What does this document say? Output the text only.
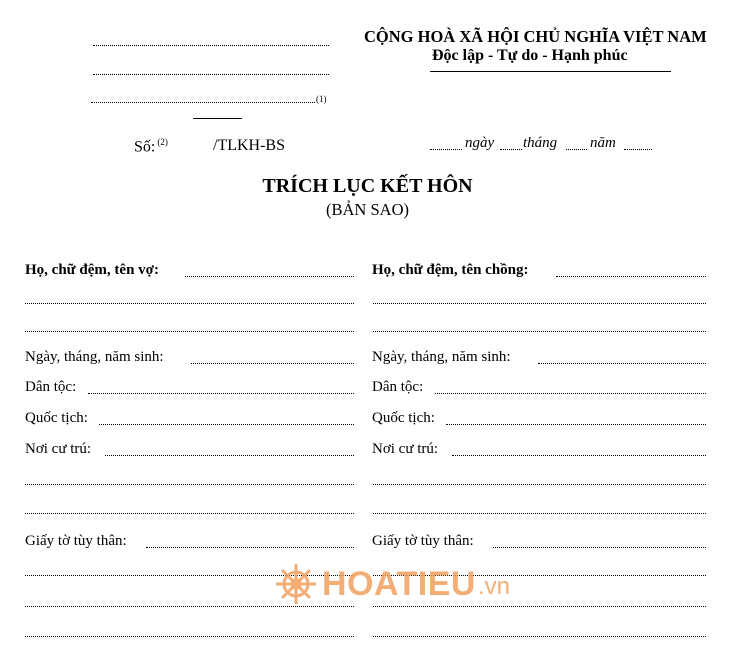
(1)
CỘNG HOÀ XÃ HỘI CHỦ NGHĨA VIỆT NAM
Độc lập - Tự do - Hạnh phúc
Số: $^{(2)}$	/TLKH-BS	ngày tháng năm
TRÍCH LỤC KẾT HÔN
(BẢN SAO)
Họ, chữ đệm, tên vợ:
Ngày, tháng, năm sinh:
Dân tộc:
Quốc tịch:
Nơi cư trú:
Giấy tờ tùy thân:
Họ, chữ đệm, tên chồng:
Ngày, tháng, năm sinh:
Dân tộc:
Quốc tịch:
Nơi cư trú:
Giấy tờ tùy thân:
HOATIEU .vn
